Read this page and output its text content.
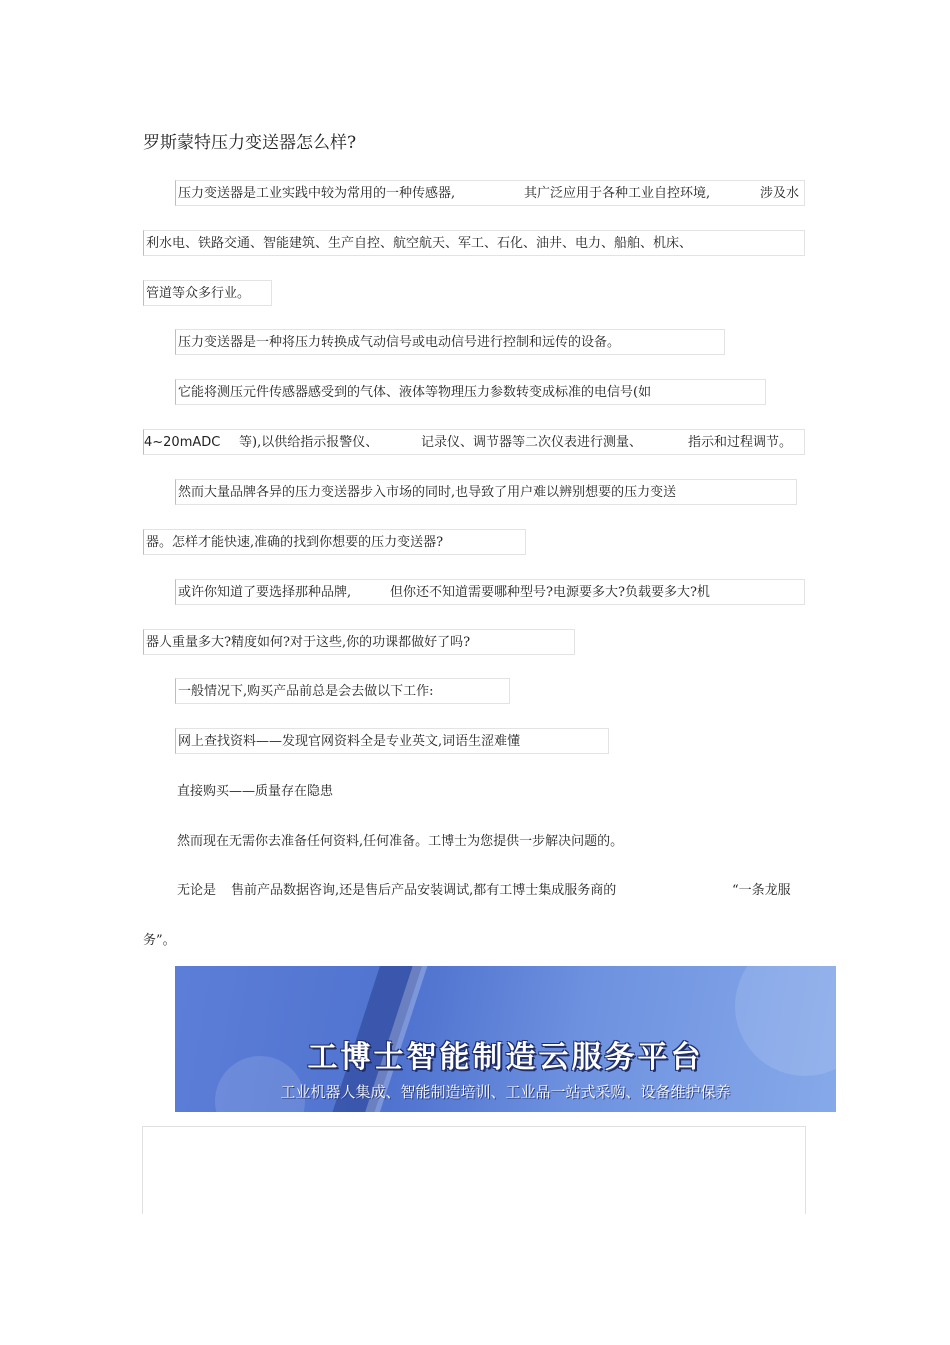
罗斯蒙特压力变送器怎么样?
压力变送器是工业实践中较为常用的一种传感器,	其广泛应用于各种工业自控环境,	涉及水
利水电、铁路交通、智能建筑、生产自控、航空航天、军工、石化、油井、电力、船舶、机床、
管道等众多行业。
压力变送器是一种将压力转换成气动信号或电动信号进行控制和远传的设备。
它能将测压元件传感器感受到的气体、液体等物理压力参数转变成标准的电信号(如
4~20mADC 等),以供给指示报警仪、	记录仪、调节器等二次仪表进行测量、	指示和过程调节。
然而大量品牌各异的压力变送器步入市场的同时,也导致了用户难以辨别想要的压力变送
器。怎样才能快速,准确的找到你想要的压力变送器?
或许你知道了要选择那种品牌,	但你还不知道需要哪种型号?电源要多大?负载要多大?机
器人重量多大?精度如何?对于这些,你的功课都做好了吗?
一般情况下,购买产品前总是会去做以下工作:
网上查找资料——发现官网资料全是专业英文,词语生涩难懂
直接购买——质量存在隐患
然而现在无需你去准备任何资料,任何准备。工博士为您提供一步解决问题的。
无论是 售前产品数据咨询,还是售后产品安装调试,都有工博士集成服务商的	“一条龙服
务”。
工博士智能制造云服务平台
工业机器人集成、智能制造培训、工业品一站式采购、设备维护保养
